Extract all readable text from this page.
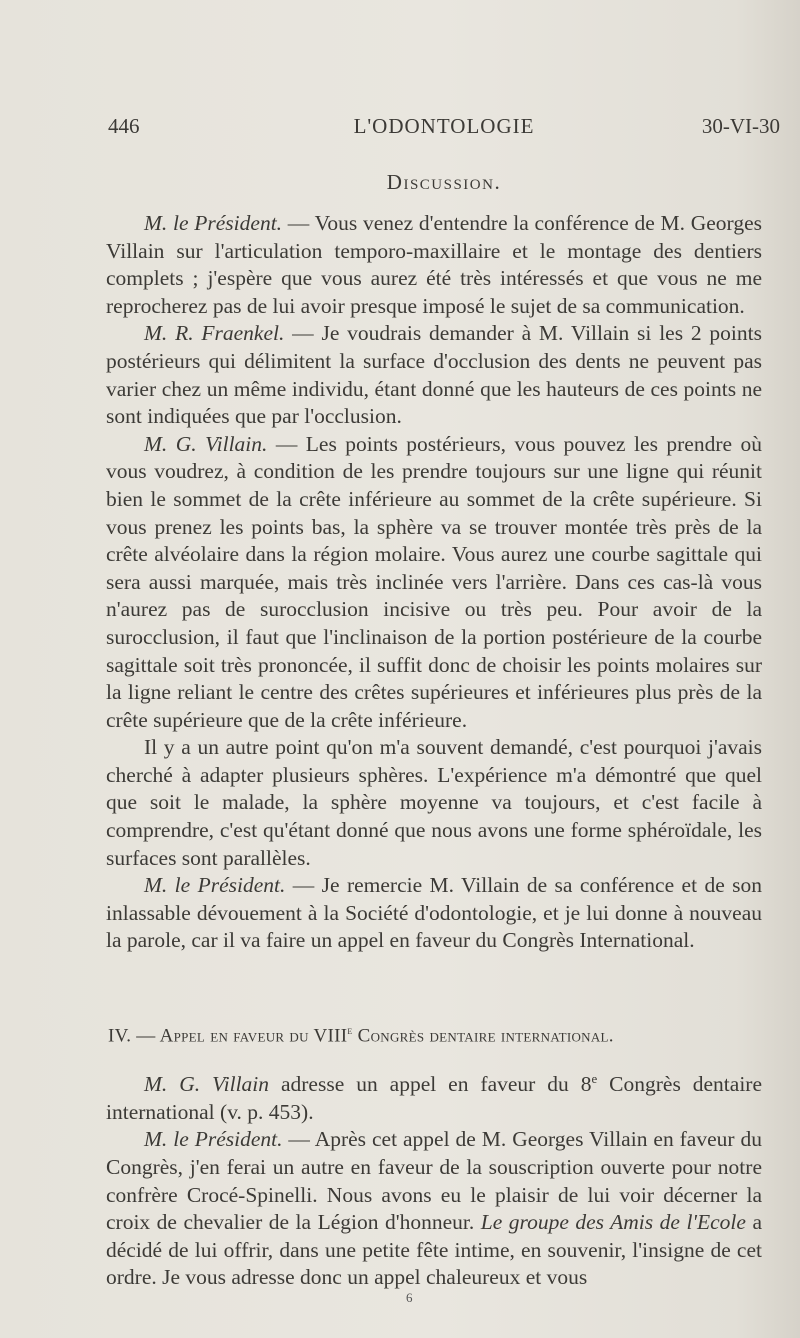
446	L'ODONTOLOGIE	30-VI-30
Discussion.

M. le Président. — Vous venez d'entendre la conférence de M. Georges Villain sur l'articulation temporo-maxillaire et le montage des dentiers complets ; j'espère que vous aurez été très intéressés et que vous ne me reprocherez pas de lui avoir presque imposé le sujet de sa communication.

M. R. Fraenkel. — Je voudrais demander à M. Villain si les 2 points postérieurs qui délimitent la surface d'occlusion des dents ne peuvent pas varier chez un même individu, étant donné que les hauteurs de ces points ne sont indiquées que par l'occlusion.

M. G. Villain. — Les points postérieurs, vous pouvez les prendre où vous voudrez, à condition de les prendre toujours sur une ligne qui réunit bien le sommet de la crête inférieure au sommet de la crête supérieure. Si vous prenez les points bas, la sphère va se trouver montée très près de la crête alvéolaire dans la région molaire. Vous aurez une courbe sagittale qui sera aussi marquée, mais très inclinée vers l'arrière. Dans ces cas-là vous n'aurez pas de surocclusion incisive ou très peu. Pour avoir de la surocclusion, il faut que l'inclinaison de la portion postérieure de la courbe sagittale soit très prononcée, il suffit donc de choisir les points molaires sur la ligne reliant le centre des crêtes supérieures et inférieures plus près de la crête supérieure que de la crête inférieure.

Il y a un autre point qu'on m'a souvent demandé, c'est pourquoi j'avais cherché à adapter plusieurs sphères. L'expérience m'a démontré que quel que soit le malade, la sphère moyenne va toujours, et c'est facile à comprendre, c'est qu'étant donné que nous avons une forme sphéroïdale, les surfaces sont parallèles.

M. le Président. — Je remercie M. Villain de sa conférence et de son inlassable dévouement à la Société d'odontologie, et je lui donne à nouveau la parole, car il va faire un appel en faveur du Congrès International.

IV. — Appel en faveur du VIIIe Congrès dentaire international.

M. G. Villain adresse un appel en faveur du 8e Congrès dentaire international (v. p. 453).

M. le Président. — Après cet appel de M. Georges Villain en faveur du Congrès, j'en ferai un autre en faveur de la souscription ouverte pour notre confrère Crocé-Spinelli. Nous avons eu le plaisir de lui voir décerner la croix de chevalier de la Légion d'honneur. Le groupe des Amis de l'Ecole a décidé de lui offrir, dans une petite fête intime, en souvenir, l'insigne de cet ordre. Je vous adresse donc un appel chaleureux et vous

6
